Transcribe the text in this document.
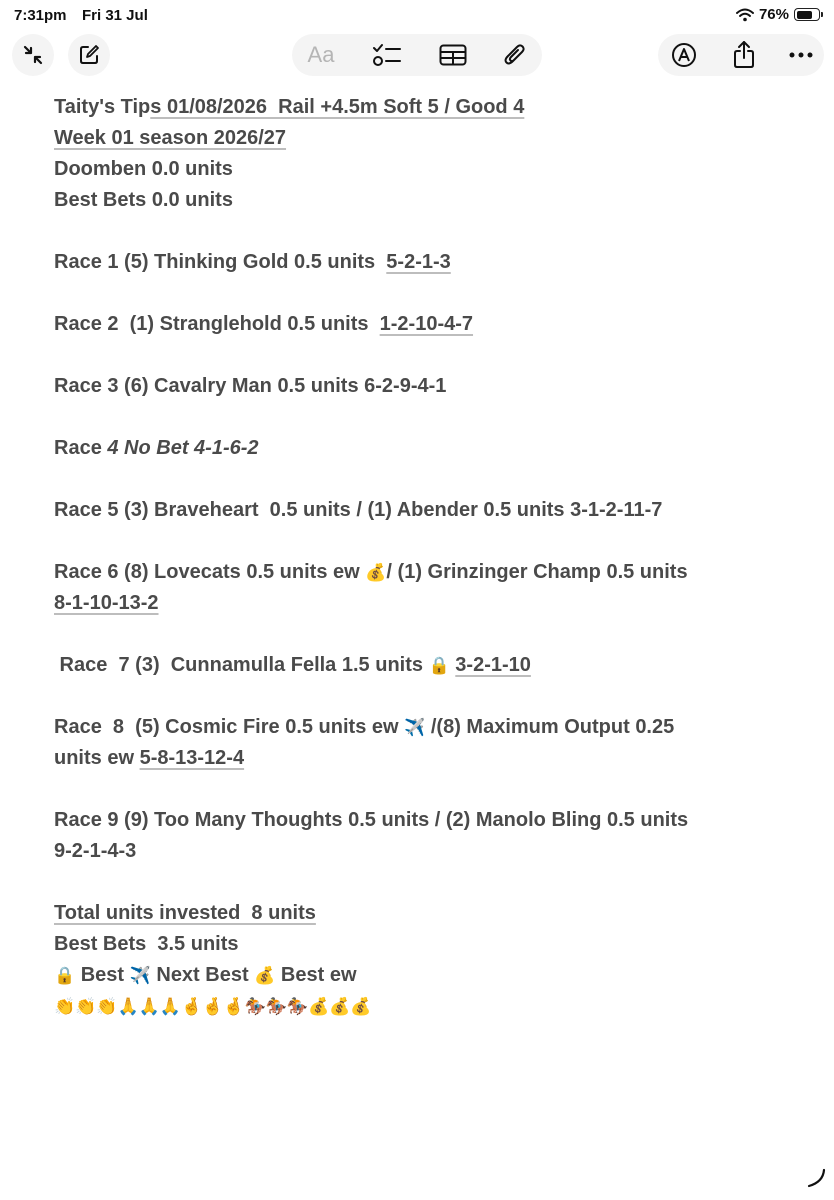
7:31pm Fri 31 Jul	76%
Aa
Taity's Tips 01/08/2026  Rail +4.5m Soft 5 / Good 4
Week 01 season 2026/27
Doomben 0.0 units
Best Bets 0.0 units
Race 1 (5) Thinking Gold 0.5 units  5-2-1-3
Race 2  (1) Stranglehold 0.5 units  1-2-10-4-7
Race 3 (6) Cavalry Man 0.5 units 6-2-9-4-1
Race 4 No Bet 4-1-6-2
Race 5 (3) Braveheart  0.5 units / (1) Abender 0.5 units 3-1-2-11-7
Race 6 (8) Lovecats 0.5 units ew 💰/ (1) Grinzinger Champ 0.5 units
8-1-10-13-2
Race  7 (3)  Cunnamulla Fella 1.5 units 🔒 3-2-1-10
Race  8  (5) Cosmic Fire 0.5 units ew ✈️ /(8) Maximum Output 0.25
units ew 5-8-13-12-4
Race 9 (9) Too Many Thoughts 0.5 units / (2) Manolo Bling 0.5 units
9-2-1-4-3
Total units invested  8 units
Best Bets  3.5 units
🔒 Best ✈️ Next Best 💰 Best ew
👏👏👏🙏🙏🙏🤞🤞🤞🏇🏇🏇💰💰💰
